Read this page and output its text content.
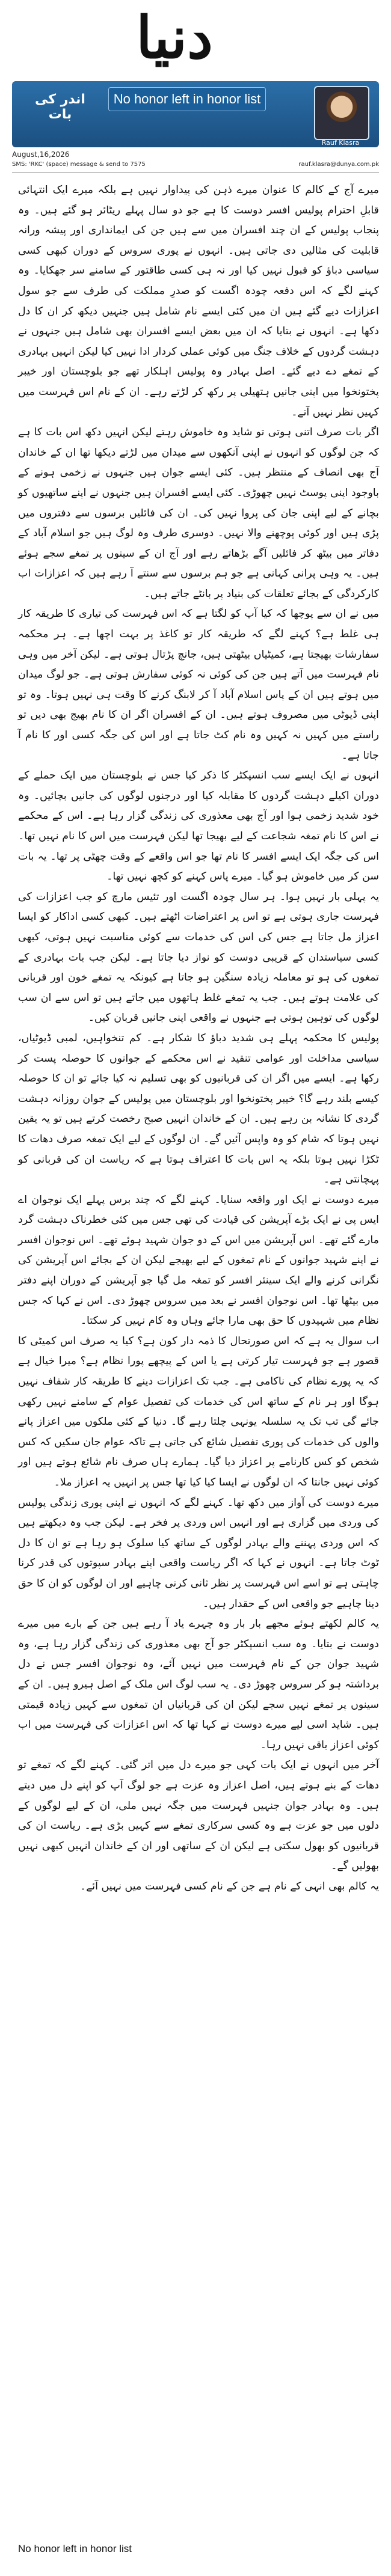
دنیا
اندر کی بات
No honor left in honor list
Rauf Klasra
August,16,2026
SMS: 'RKC' (space) message & send to 7575	rauf.klasra@dunya.com.pk

میرے آج کے کالم کا عنوان میرے ذہن کی پیداوار نہیں ہے بلکہ میرے ایک انتہائی قابلِ احترام پولیس افسر دوست کا ہے جو دو سال پہلے ریٹائر ہو گئے ہیں۔ وہ پنجاب پولیس کے ان چند افسران میں سے ہیں جن کی ایمانداری اور پیشہ ورانہ قابلیت کی مثالیں دی جاتی ہیں۔ انہوں نے پوری سروس کے دوران کبھی کسی سیاسی دباؤ کو قبول نہیں کیا اور نہ ہی کسی طاقتور کے سامنے سر جھکایا۔ وہ کہنے لگے کہ اس دفعہ چودہ اگست کو صدرِ مملکت کی طرف سے جو سول اعزازات دیے گئے ہیں ان میں کئی ایسے نام شامل ہیں جنہیں دیکھ کر ان کا دل دکھا ہے۔ انہوں نے بتایا کہ ان میں بعض ایسے افسران بھی شامل ہیں جنہوں نے دہشت گردوں کے خلاف جنگ میں کوئی عملی کردار ادا نہیں کیا لیکن انہیں بہادری کے تمغے دے دیے گئے۔ اصل بہادر وہ پولیس اہلکار تھے جو بلوچستان اور خیبر پختونخوا میں اپنی جانیں ہتھیلی پر رکھ کر لڑتے رہے۔ ان کے نام اس فہرست میں کہیں نظر نہیں آتے۔

اگر بات صرف اتنی ہوتی تو شاید وہ خاموش رہتے لیکن انہیں دکھ اس بات کا ہے کہ جن لوگوں کو انہوں نے اپنی آنکھوں سے میدان میں لڑتے دیکھا تھا ان کے خاندان آج بھی انصاف کے منتظر ہیں۔ کئی ایسے جوان ہیں جنہوں نے زخمی ہونے کے باوجود اپنی پوسٹ نہیں چھوڑی۔ کئی ایسے افسران ہیں جنہوں نے اپنے ساتھیوں کو بچانے کے لیے اپنی جان کی پروا نہیں کی۔ ان کی فائلیں برسوں سے دفتروں میں پڑی ہیں اور کوئی پوچھنے والا نہیں۔ دوسری طرف وہ لوگ ہیں جو اسلام آباد کے دفاتر میں بیٹھ کر فائلیں آگے بڑھاتے رہے اور آج ان کے سینوں پر تمغے سجے ہوئے ہیں۔ یہ وہی پرانی کہانی ہے جو ہم برسوں سے سنتے آ رہے ہیں کہ اعزازات اب کارکردگی کے بجائے تعلقات کی بنیاد پر بانٹے جاتے ہیں۔

میں نے ان سے پوچھا کہ کیا آپ کو لگتا ہے کہ اس فہرست کی تیاری کا طریقہ کار ہی غلط ہے؟ کہنے لگے کہ طریقہ کار تو کاغذ پر بہت اچھا ہے۔ ہر محکمہ سفارشات بھیجتا ہے، کمیٹیاں بیٹھتی ہیں، جانچ پڑتال ہوتی ہے۔ لیکن آخر میں وہی نام فہرست میں آتے ہیں جن کی کوئی نہ کوئی سفارش ہوتی ہے۔ جو لوگ میدان میں ہوتے ہیں ان کے پاس اسلام آباد آ کر لابنگ کرنے کا وقت ہی نہیں ہوتا۔ وہ تو اپنی ڈیوٹی میں مصروف ہوتے ہیں۔ ان کے افسران اگر ان کا نام بھیج بھی دیں تو راستے میں کہیں نہ کہیں وہ نام کٹ جاتا ہے اور اس کی جگہ کسی اور کا نام آ جاتا ہے۔

انہوں نے ایک ایسے سب انسپکٹر کا ذکر کیا جس نے بلوچستان میں ایک حملے کے دوران اکیلے دہشت گردوں کا مقابلہ کیا اور درجنوں لوگوں کی جانیں بچائیں۔ وہ خود شدید زخمی ہوا اور آج بھی معذوری کی زندگی گزار رہا ہے۔ اس کے محکمے نے اس کا نام تمغہ شجاعت کے لیے بھیجا تھا لیکن فہرست میں اس کا نام نہیں تھا۔ اس کی جگہ ایک ایسے افسر کا نام تھا جو اس واقعے کے وقت چھٹی پر تھا۔ یہ بات سن کر میں خاموش ہو گیا۔ میرے پاس کہنے کو کچھ نہیں تھا۔

یہ پہلی بار نہیں ہوا۔ ہر سال چودہ اگست اور تئیس مارچ کو جب اعزازات کی فہرست جاری ہوتی ہے تو اس پر اعتراضات اٹھتے ہیں۔ کبھی کسی اداکار کو ایسا اعزاز مل جاتا ہے جس کی اس کی خدمات سے کوئی مناسبت نہیں ہوتی، کبھی کسی سیاستدان کے قریبی دوست کو نواز دیا جاتا ہے۔ لیکن جب بات بہادری کے تمغوں کی ہو تو معاملہ زیادہ سنگین ہو جاتا ہے کیونکہ یہ تمغے خون اور قربانی کی علامت ہوتے ہیں۔ جب یہ تمغے غلط ہاتھوں میں جاتے ہیں تو اس سے ان سب لوگوں کی توہین ہوتی ہے جنہوں نے واقعی اپنی جانیں قربان کیں۔

پولیس کا محکمہ پہلے ہی شدید دباؤ کا شکار ہے۔ کم تنخواہیں، لمبی ڈیوٹیاں، سیاسی مداخلت اور عوامی تنقید نے اس محکمے کے جوانوں کا حوصلہ پست کر رکھا ہے۔ ایسے میں اگر ان کی قربانیوں کو بھی تسلیم نہ کیا جائے تو ان کا حوصلہ کیسے بلند رہے گا؟ خیبر پختونخوا اور بلوچستان میں پولیس کے جوان روزانہ دہشت گردی کا نشانہ بن رہے ہیں۔ ان کے خاندان انہیں صبح رخصت کرتے ہیں تو یہ یقین نہیں ہوتا کہ شام کو وہ واپس آئیں گے۔ ان لوگوں کے لیے ایک تمغہ صرف دھات کا ٹکڑا نہیں ہوتا بلکہ یہ اس بات کا اعتراف ہوتا ہے کہ ریاست ان کی قربانی کو پہچانتی ہے۔

میرے دوست نے ایک اور واقعہ سنایا۔ کہنے لگے کہ چند برس پہلے ایک نوجوان اے ایس پی نے ایک بڑے آپریشن کی قیادت کی تھی جس میں کئی خطرناک دہشت گرد مارے گئے تھے۔ اس آپریشن میں اس کے دو جوان شہید ہوئے تھے۔ اس نوجوان افسر نے اپنے شہید جوانوں کے نام تمغوں کے لیے بھیجے لیکن ان کے بجائے اس آپریشن کی نگرانی کرنے والے ایک سینئر افسر کو تمغہ مل گیا جو آپریشن کے دوران اپنے دفتر میں بیٹھا تھا۔ اس نوجوان افسر نے بعد میں سروس چھوڑ دی۔ اس نے کہا کہ جس نظام میں شہیدوں کا حق بھی مارا جائے وہاں وہ کام نہیں کر سکتا۔

اب سوال یہ ہے کہ اس صورتحال کا ذمہ دار کون ہے؟ کیا یہ صرف اس کمیٹی کا قصور ہے جو فہرست تیار کرتی ہے یا اس کے پیچھے پورا نظام ہے؟ میرا خیال ہے کہ یہ پورے نظام کی ناکامی ہے۔ جب تک اعزازات دینے کا طریقہ کار شفاف نہیں ہوگا اور ہر نام کے ساتھ اس کی خدمات کی تفصیل عوام کے سامنے نہیں رکھی جائے گی تب تک یہ سلسلہ یونہی چلتا رہے گا۔ دنیا کے کئی ملکوں میں اعزاز پانے والوں کی خدمات کی پوری تفصیل شائع کی جاتی ہے تاکہ عوام جان سکیں کہ کس شخص کو کس کارنامے پر اعزاز دیا گیا۔ ہمارے ہاں صرف نام شائع ہوتے ہیں اور کوئی نہیں جانتا کہ ان لوگوں نے ایسا کیا کیا تھا جس پر انہیں یہ اعزاز ملا۔

میرے دوست کی آواز میں دکھ تھا۔ کہنے لگے کہ انہوں نے اپنی پوری زندگی پولیس کی وردی میں گزاری ہے اور انہیں اس وردی پر فخر ہے۔ لیکن جب وہ دیکھتے ہیں کہ اس وردی پہننے والے بہادر لوگوں کے ساتھ کیا سلوک ہو رہا ہے تو ان کا دل ٹوٹ جاتا ہے۔ انہوں نے کہا کہ اگر ریاست واقعی اپنے بہادر سپوتوں کی قدر کرنا چاہتی ہے تو اسے اس فہرست پر نظر ثانی کرنی چاہیے اور ان لوگوں کو ان کا حق دینا چاہیے جو واقعی اس کے حقدار ہیں۔

یہ کالم لکھتے ہوئے مجھے بار بار وہ چہرے یاد آ رہے ہیں جن کے بارے میں میرے دوست نے بتایا۔ وہ سب انسپکٹر جو آج بھی معذوری کی زندگی گزار رہا ہے، وہ شہید جوان جن کے نام فہرست میں نہیں آئے، وہ نوجوان افسر جس نے دل برداشتہ ہو کر سروس چھوڑ دی۔ یہ سب لوگ اس ملک کے اصل ہیرو ہیں۔ ان کے سینوں پر تمغے نہیں سجے لیکن ان کی قربانیاں ان تمغوں سے کہیں زیادہ قیمتی ہیں۔ شاید اسی لیے میرے دوست نے کہا تھا کہ اس اعزازات کی فہرست میں اب کوئی اعزاز باقی نہیں رہا۔

آخر میں انہوں نے ایک بات کہی جو میرے دل میں اتر گئی۔ کہنے لگے کہ تمغے تو دھات کے بنے ہوتے ہیں، اصل اعزاز وہ عزت ہے جو لوگ آپ کو اپنے دل میں دیتے ہیں۔ وہ بہادر جوان جنہیں فہرست میں جگہ نہیں ملی، ان کے لیے لوگوں کے دلوں میں جو عزت ہے وہ کسی سرکاری تمغے سے کہیں بڑی ہے۔ ریاست ان کی قربانیوں کو بھول سکتی ہے لیکن ان کے ساتھی اور ان کے خاندان انہیں کبھی نہیں بھولیں گے۔

یہ کالم بھی انہی کے نام ہے جن کے نام کسی فہرست میں نہیں آئے۔

No honor left in honor list
